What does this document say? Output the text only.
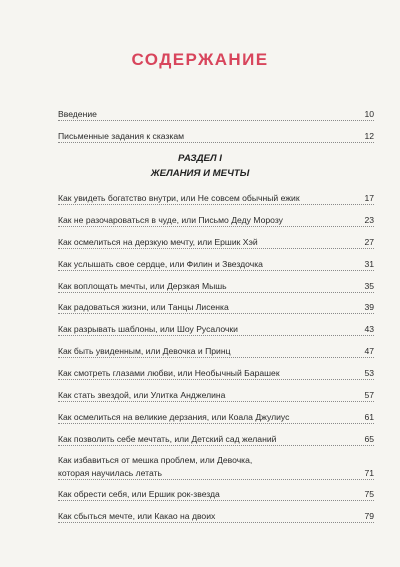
СОДЕРЖАНИЕ
Введение	10
Письменные задания к сказкам	12
РАЗДЕЛ I
ЖЕЛАНИЯ И МЕЧТЫ
Как увидеть богатство внутри, или Не совсем обычный ежик	17
Как не разочароваться в чуде, или Письмо Деду Морозу	23
Как осмелиться на дерзкую мечту, или Ершик Хэй	27
Как услышать свое сердце, или Филин и Звездочка	31
Как воплощать мечты, или Дерзкая Мышь	35
Как радоваться жизни, или Танцы Лисенка	39
Как разрывать шаблоны, или Шоу Русалочки	43
Как быть увиденным, или Девочка и Принц	47
Как смотреть глазами любви, или Необычный Барашек	53
Как стать звездой, или Улитка Анджелина	57
Как осмелиться на великие дерзания, или Коала Джулиус	61
Как позволить себе мечтать, или Детский сад желаний	65
Как избавиться от мешка проблем, или Девочка,
которая научилась летать	71
Как обрести себя, или Ершик рок-звезда	75
Как сбыться мечте, или Какао на двоих	79
